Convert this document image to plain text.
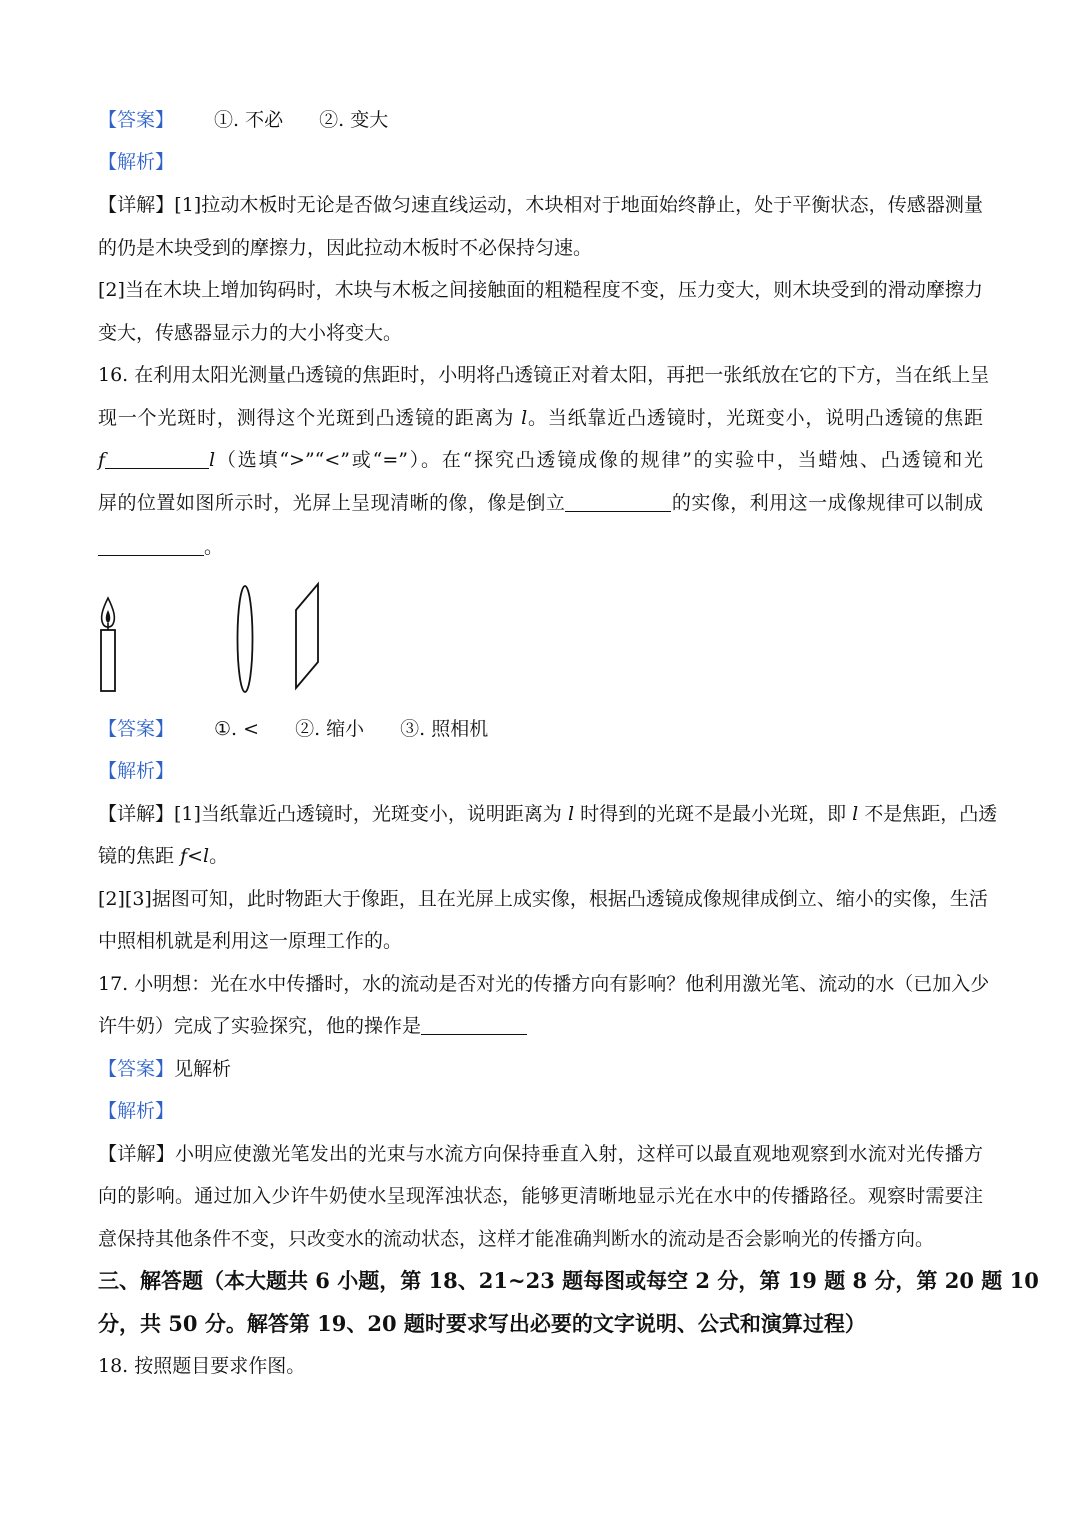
【答案】 ①. 不必 ②. 变大
【解析】
【详解】[1]拉动木板时无论是否做匀速直线运动，木块相对于地面始终静止，处于平衡状态，传感器测量
的仍是木块受到的摩擦力，因此拉动木板时不必保持匀速。
[2]当在木块上增加钩码时，木块与木板之间接触面的粗糙程度不变，压力变大，则木块受到的滑动摩擦力
变大，传感器显示力的大小将变大。
16. 在利用太阳光测量凸透镜的焦距时，小明将凸透镜正对着太阳，再把一张纸放在它的下方，当在纸上呈
现一个光斑时，测得这个光斑到凸透镜的距离为 l。当纸靠近凸透镜时，光斑变小，说明凸透镜的焦距
f	l（选填“>”“<”或“=”）。在“探究凸透镜成像的规律”的实验中，当蜡烛、凸透镜和光
屏的位置如图所示时，光屏上呈现清晰的像，像是倒立	的实像，利用这一成像规律可以制成
。
【答案】 ①. < ②. 缩小 ③. 照相机
【解析】
【详解】[1]当纸靠近凸透镜时，光斑变小，说明距离为 l 时得到的光斑不是最小光斑，即 l 不是焦距，凸透
镜的焦距 f<l。
[2][3]据图可知，此时物距大于像距，且在光屏上成实像，根据凸透镜成像规律成倒立、缩小的实像，生活
中照相机就是利用这一原理工作的。
17. 小明想：光在水中传播时，水的流动是否对光的传播方向有影响？他利用激光笔、流动的水（已加入少
许牛奶）完成了实验探究，他的操作是
【答案】见解析
【解析】
【详解】小明应使激光笔发出的光束与水流方向保持垂直入射，这样可以最直观地观察到水流对光传播方
向的影响。通过加入少许牛奶使水呈现浑浊状态，能够更清晰地显示光在水中的传播路径。观察时需要注
意保持其他条件不变，只改变水的流动状态，这样才能准确判断水的流动是否会影响光的传播方向。
三、解答题（本大题共 6 小题，第 18、21~23 题每图或每空 2 分，第 19 题 8 分，第 20 题 10
分，共 50 分。解答第 19、20 题时要求写出必要的文字说明、公式和演算过程）
18. 按照题目要求作图。
